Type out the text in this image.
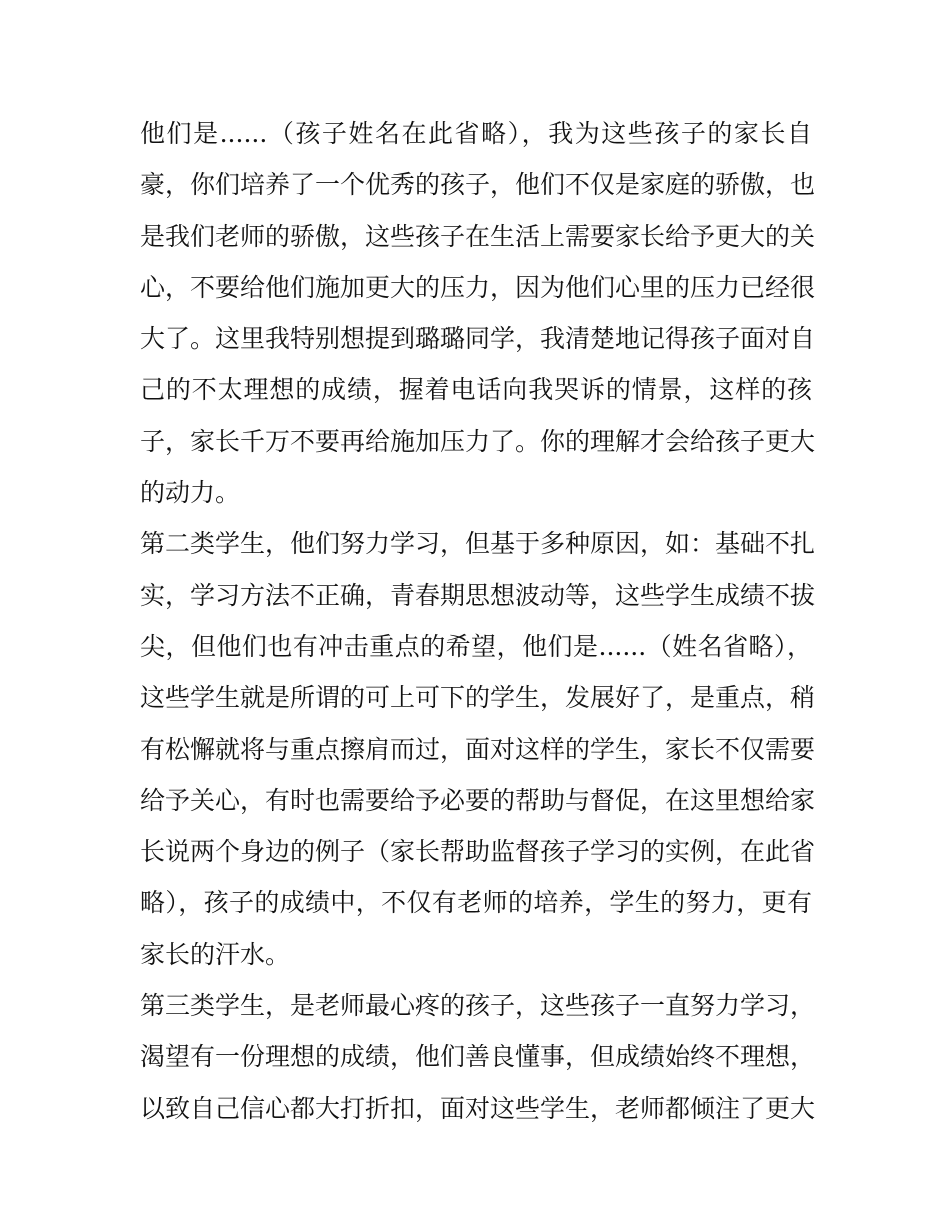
他们是......（孩子姓名在此省略），我为这些孩子的家长自
豪，你们培养了一个优秀的孩子，他们不仅是家庭的骄傲，也
是我们老师的骄傲，这些孩子在生活上需要家长给予更大的关
心，不要给他们施加更大的压力，因为他们心里的压力已经很
大了。这里我特别想提到璐璐同学，我清楚地记得孩子面对自
己的不太理想的成绩，握着电话向我哭诉的情景，这样的孩
子，家长千万不要再给施加压力了。你的理解才会给孩子更大
的动力。
第二类学生，他们努力学习，但基于多种原因，如：基础不扎
实，学习方法不正确，青春期思想波动等，这些学生成绩不拔
尖，但他们也有冲击重点的希望，他们是......（姓名省略），
这些学生就是所谓的可上可下的学生，发展好了，是重点，稍
有松懈就将与重点擦肩而过，面对这样的学生，家长不仅需要
给予关心，有时也需要给予必要的帮助与督促，在这里想给家
长说两个身边的例子（家长帮助监督孩子学习的实例，在此省
略），孩子的成绩中，不仅有老师的培养，学生的努力，更有
家长的汗水。
第三类学生，是老师最心疼的孩子，这些孩子一直努力学习，
渴望有一份理想的成绩，他们善良懂事，但成绩始终不理想，
以致自己信心都大打折扣，面对这些学生，老师都倾注了更大
